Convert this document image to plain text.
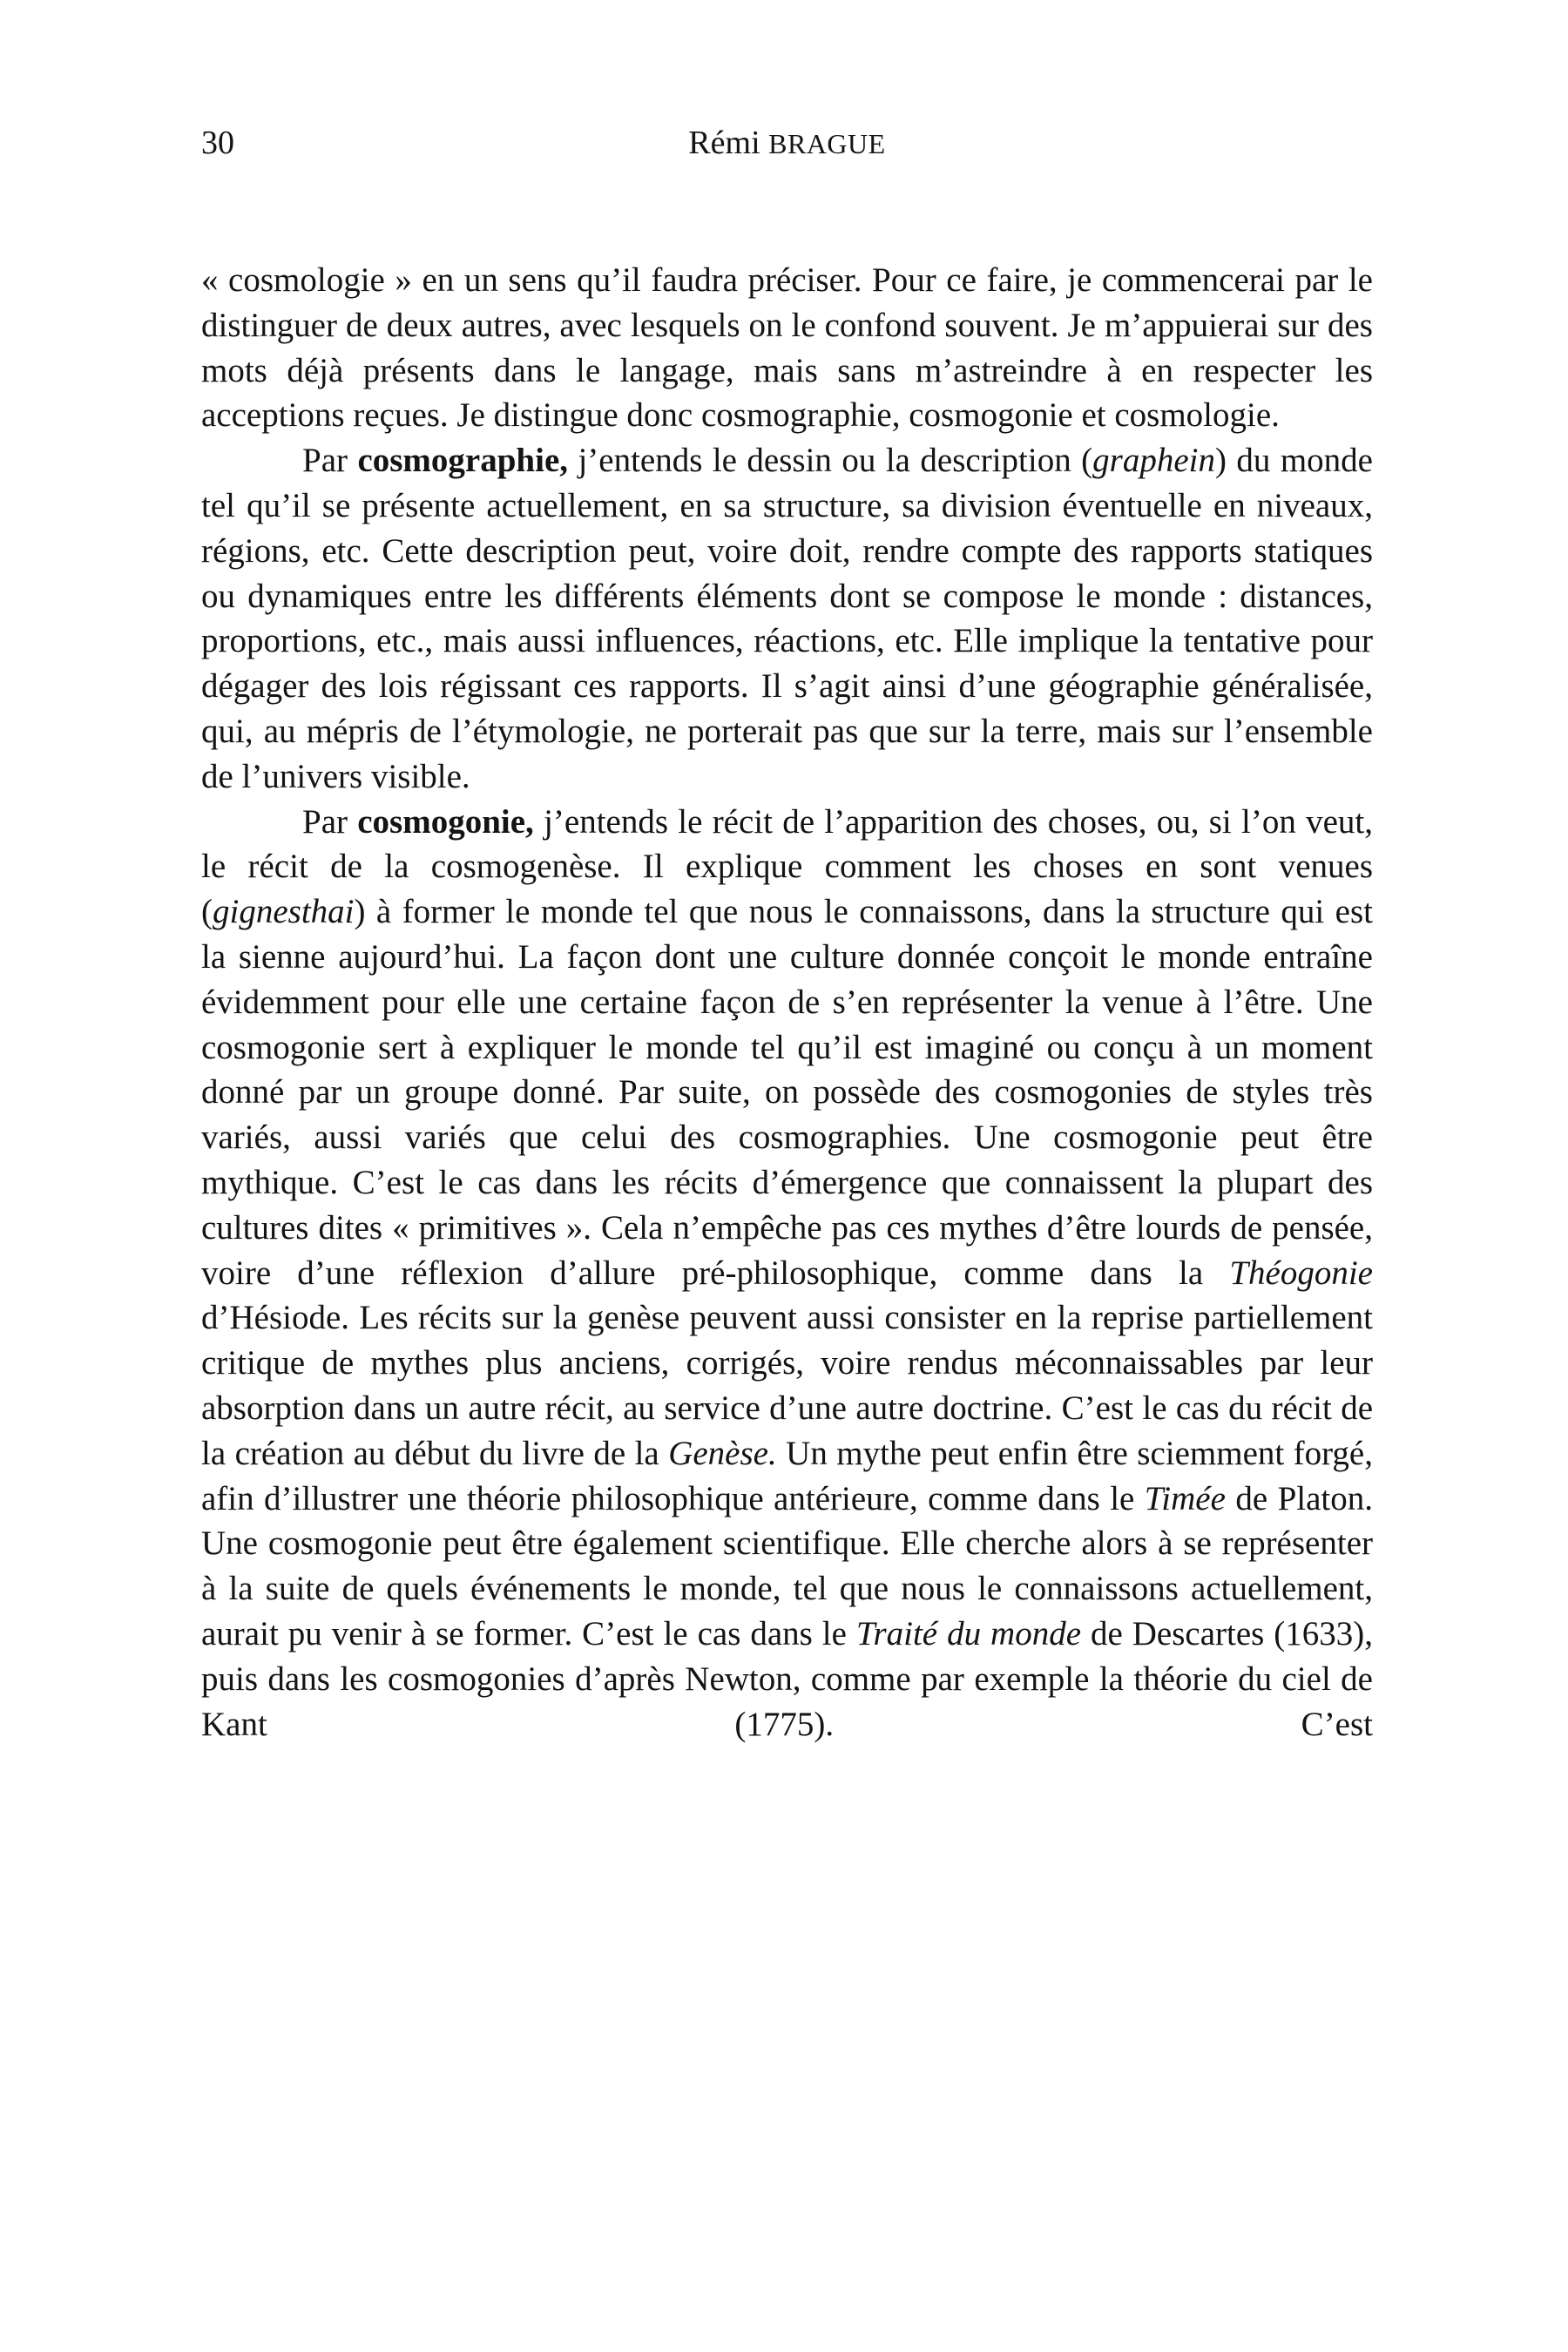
30	Rémi BRAGUE

« cosmologie » en un sens qu’il faudra préciser. Pour ce faire, je commencerai par le distinguer de deux autres, avec lesquels on le confond souvent. Je m’appuierai sur des mots déjà présents dans le langage, mais sans m’astreindre à en respecter les acceptions reçues. Je distingue donc cosmographie, cosmogonie et cosmologie.

Par cosmographie, j’entends le dessin ou la description (graphein) du monde tel qu’il se présente actuellement, en sa structure, sa division éventuelle en niveaux, régions, etc. Cette description peut, voire doit, rendre compte des rapports statiques ou dynamiques entre les différents éléments dont se compose le monde : distances, proportions, etc., mais aussi influences, réactions, etc. Elle implique la tentative pour dégager des lois régissant ces rapports. Il s’agit ainsi d’une géographie généralisée, qui, au mépris de l’étymologie, ne porterait pas que sur la terre, mais sur l’ensemble de l’univers visible.

Par cosmogonie, j’entends le récit de l’apparition des choses, ou, si l’on veut, le récit de la cosmogenèse. Il explique comment les choses en sont venues (gignesthai) à former le monde tel que nous le connaissons, dans la structure qui est la sienne aujourd’hui. La façon dont une culture donnée conçoit le monde entraîne évidemment pour elle une certaine façon de s’en représenter la venue à l’être. Une cosmogonie sert à expliquer le monde tel qu’il est imaginé ou conçu à un moment donné par un groupe donné. Par suite, on possède des cosmogonies de styles très variés, aussi variés que celui des cosmographies. Une cosmogonie peut être mythique. C’est le cas dans les récits d’émergence que connaissent la plupart des cultures dites « primitives ». Cela n’empêche pas ces mythes d’être lourds de pensée, voire d’une réflexion d’allure pré-philosophique, comme dans la Théogonie d’Hésiode. Les récits sur la genèse peuvent aussi consister en la reprise partiellement critique de mythes plus anciens, corrigés, voire rendus méconnaissables par leur absorption dans un autre récit, au service d’une autre doctrine. C’est le cas du récit de la création au début du livre de la Genèse. Un mythe peut enfin être sciemment forgé, afin d’illustrer une théorie philosophique antérieure, comme dans le Timée de Platon. Une cosmogonie peut être également scientifique. Elle cherche alors à se représenter à la suite de quels événements le monde, tel que nous le connaissons actuellement, aurait pu venir à se former. C’est le cas dans le Traité du monde de Descartes (1633), puis dans les cosmogonies d’après Newton, comme par exemple la théorie du ciel de Kant (1775). C’est
